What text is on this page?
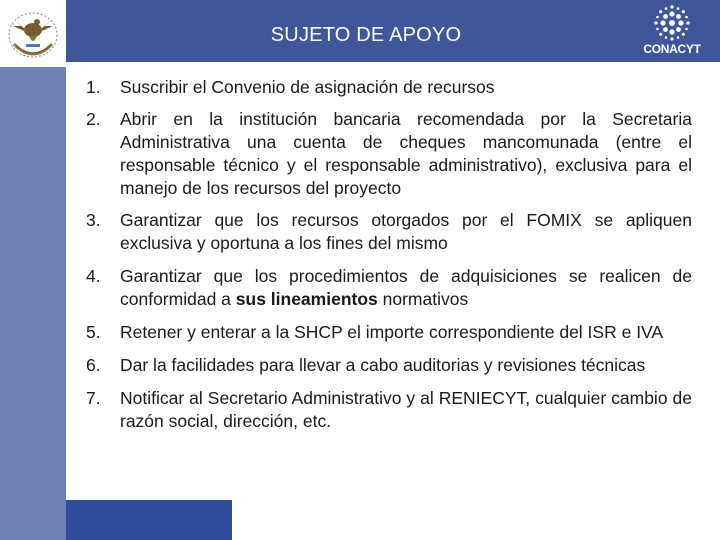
SUJETO DE APOYO
CONACYT
1. Suscribir el Convenio de asignación de recursos
2. Abrir en la institución bancaria recomendada por la Secretaria Administrativa una cuenta de cheques mancomunada (entre el responsable técnico y el responsable administrativo), exclusiva para el manejo de los recursos del proyecto
3. Garantizar que los recursos otorgados por el FOMIX se apliquen exclusiva y oportuna a los fines del mismo
4. Garantizar que los procedimientos de adquisiciones se realicen de conformidad a sus lineamientos normativos
5. Retener y enterar a la SHCP el importe correspondiente del ISR e IVA
6. Dar la facilidades para llevar a cabo auditorias y revisiones técnicas
7. Notificar al Secretario Administrativo y al RENIECYT, cualquier cambio de razón social, dirección, etc.
